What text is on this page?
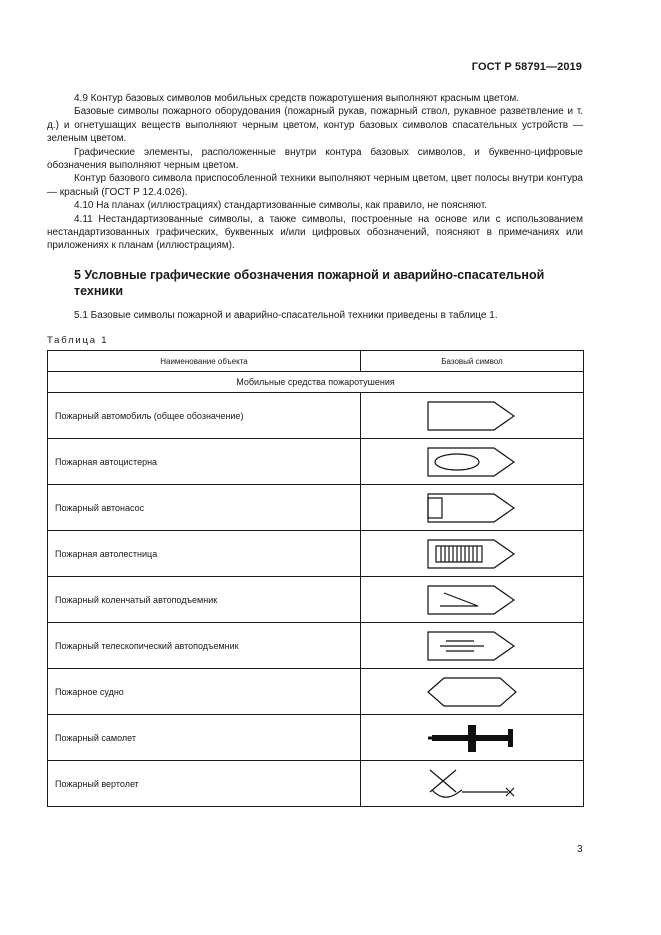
ГОСТ Р 58791—2019

4.9 Контур базовых символов мобильных средств пожаротушения выполняют красным цветом.

Базовые символы пожарного оборудования (пожарный рукав, пожарный ствол, рукавное разветвление и т. д.) и огнетушащих веществ выполняют черным цветом, контур базовых символов спасательных устройств — зеленым цветом.

Графические элементы, расположенные внутри контура базовых символов, и буквенно-цифровые обозначения выполняют черным цветом.

Контур базового символа приспособленной техники выполняют черным цветом, цвет полосы внутри контура — красный (ГОСТ Р 12.4.026).

4.10 На планах (иллюстрациях) стандартизованные символы, как правило, не поясняют.

4.11 Нестандартизованные символы, а также символы, построенные на основе или с использованием нестандартизованных графических, буквенных и/или цифровых обозначений, поясняют в примечаниях или приложениях к планам (иллюстрациям).

5 Условные графические обозначения пожарной и аварийно-спасательной техники
5.1 Базовые символы пожарной и аварийно-спасательной техники приведены в таблице 1.
Таблица 1
Наименование объекта	Базовый символ
Мобильные средства пожаротушения	
Пожарный автомобиль (общее обозначение)	

Пожарная автоцистерна	

Пожарный автонасос	

Пожарная автолестница	

Пожарный коленчатый автоподъемник	

Пожарный телескопический автоподъемник	

Пожарное судно	

Пожарный самолет	

Пожарный вертолет	
3
